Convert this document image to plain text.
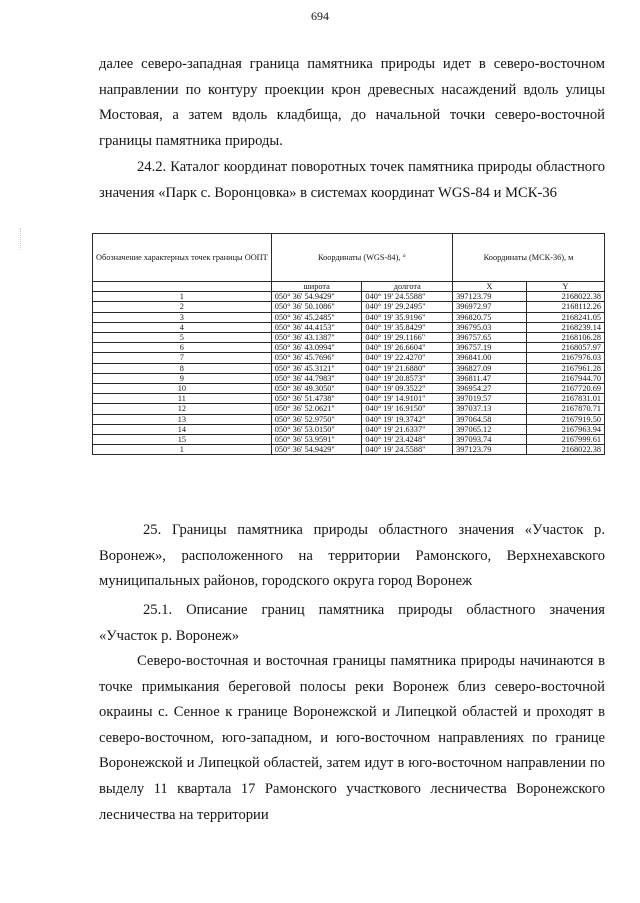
694

далее северо-западная граница памятника природы идет в северо-восточном направлении по контуру проекции крон древесных насаждений вдоль улицы Мостовая, а затем вдоль кладбища, до начальной точки северо-восточной границы памятника природы.

24.2. Каталог координат поворотных точек памятника природы областного значения «Парк с. Воронцовка» в системах координат WGS-84 и МСК-36

Обозначение характерных точек границы ООПТ	Координаты (WGS-84), °		Координаты (МСК-36), м	
	широта	долгота	X	Y
1	050° 36' 54.9429"	040° 19' 24.5588"	397123.79	2168022.38
2	050° 36' 50.1086"	040° 19' 29.2495"	396972.97	2168112.26
3	050° 36' 45.2485"	040° 19' 35.9196"	396820.75	2168241.05
4	050° 36' 44.4153"	040° 19' 35.8429"	396795.03	2168239.14
5	050° 36' 43.1387"	040° 19' 29.1166"	396757.65	2168106.28
6	050° 36' 43.0994"	040° 19' 26.6604"	396757.19	2168057.97
7	050° 36' 45.7696"	040° 19' 22.4270"	396841.00	2167976.03
8	050° 36' 45.3121"	040° 19' 21.6880"	396827.09	2167961.28
9	050° 36' 44.7983"	040° 19' 20.8573"	396811.47	2167944.70
10	050° 36' 49.3050"	040° 19' 09.3522"	396954.27	2167720.69
11	050° 36' 51.4738"	040° 19' 14.9101"	397019.57	2167831.01
12	050° 36' 52.0621"	040° 19' 16.9150"	397037.13	2167870.71
13	050° 36' 52.9750"	040° 19' 19.3742"	397064.58	2167919.50
14	050° 36' 53.0150"	040° 19' 21.6337"	397065.12	2167963.94
15	050° 36' 53.9591"	040° 19' 23.4248"	397093.74	2167999.61
1	050° 36' 54.9429"	040° 19' 24.5588"	397123.79	2168022.38

25. Границы памятника природы областного значения «Участок р. Воронеж», расположенного на территории Рамонского, Верхнехавского муниципальных районов, городского округа город Воронеж

25.1. Описание границ памятника природы областного значения «Участок р. Воронеж»

Северо-восточная и восточная границы памятника природы начинаются в точке примыкания береговой полосы реки Воронеж близ северо-восточной окраины с. Сенное к границе Воронежской и Липецкой областей и проходят в северо-восточном, юго-западном, и юго-восточном направлениях по границе Воронежской и Липецкой областей, затем идут в юго-восточном направлении по выделу 11 квартала 17 Рамонского участкового лесничества Воронежского лесничества на территории
